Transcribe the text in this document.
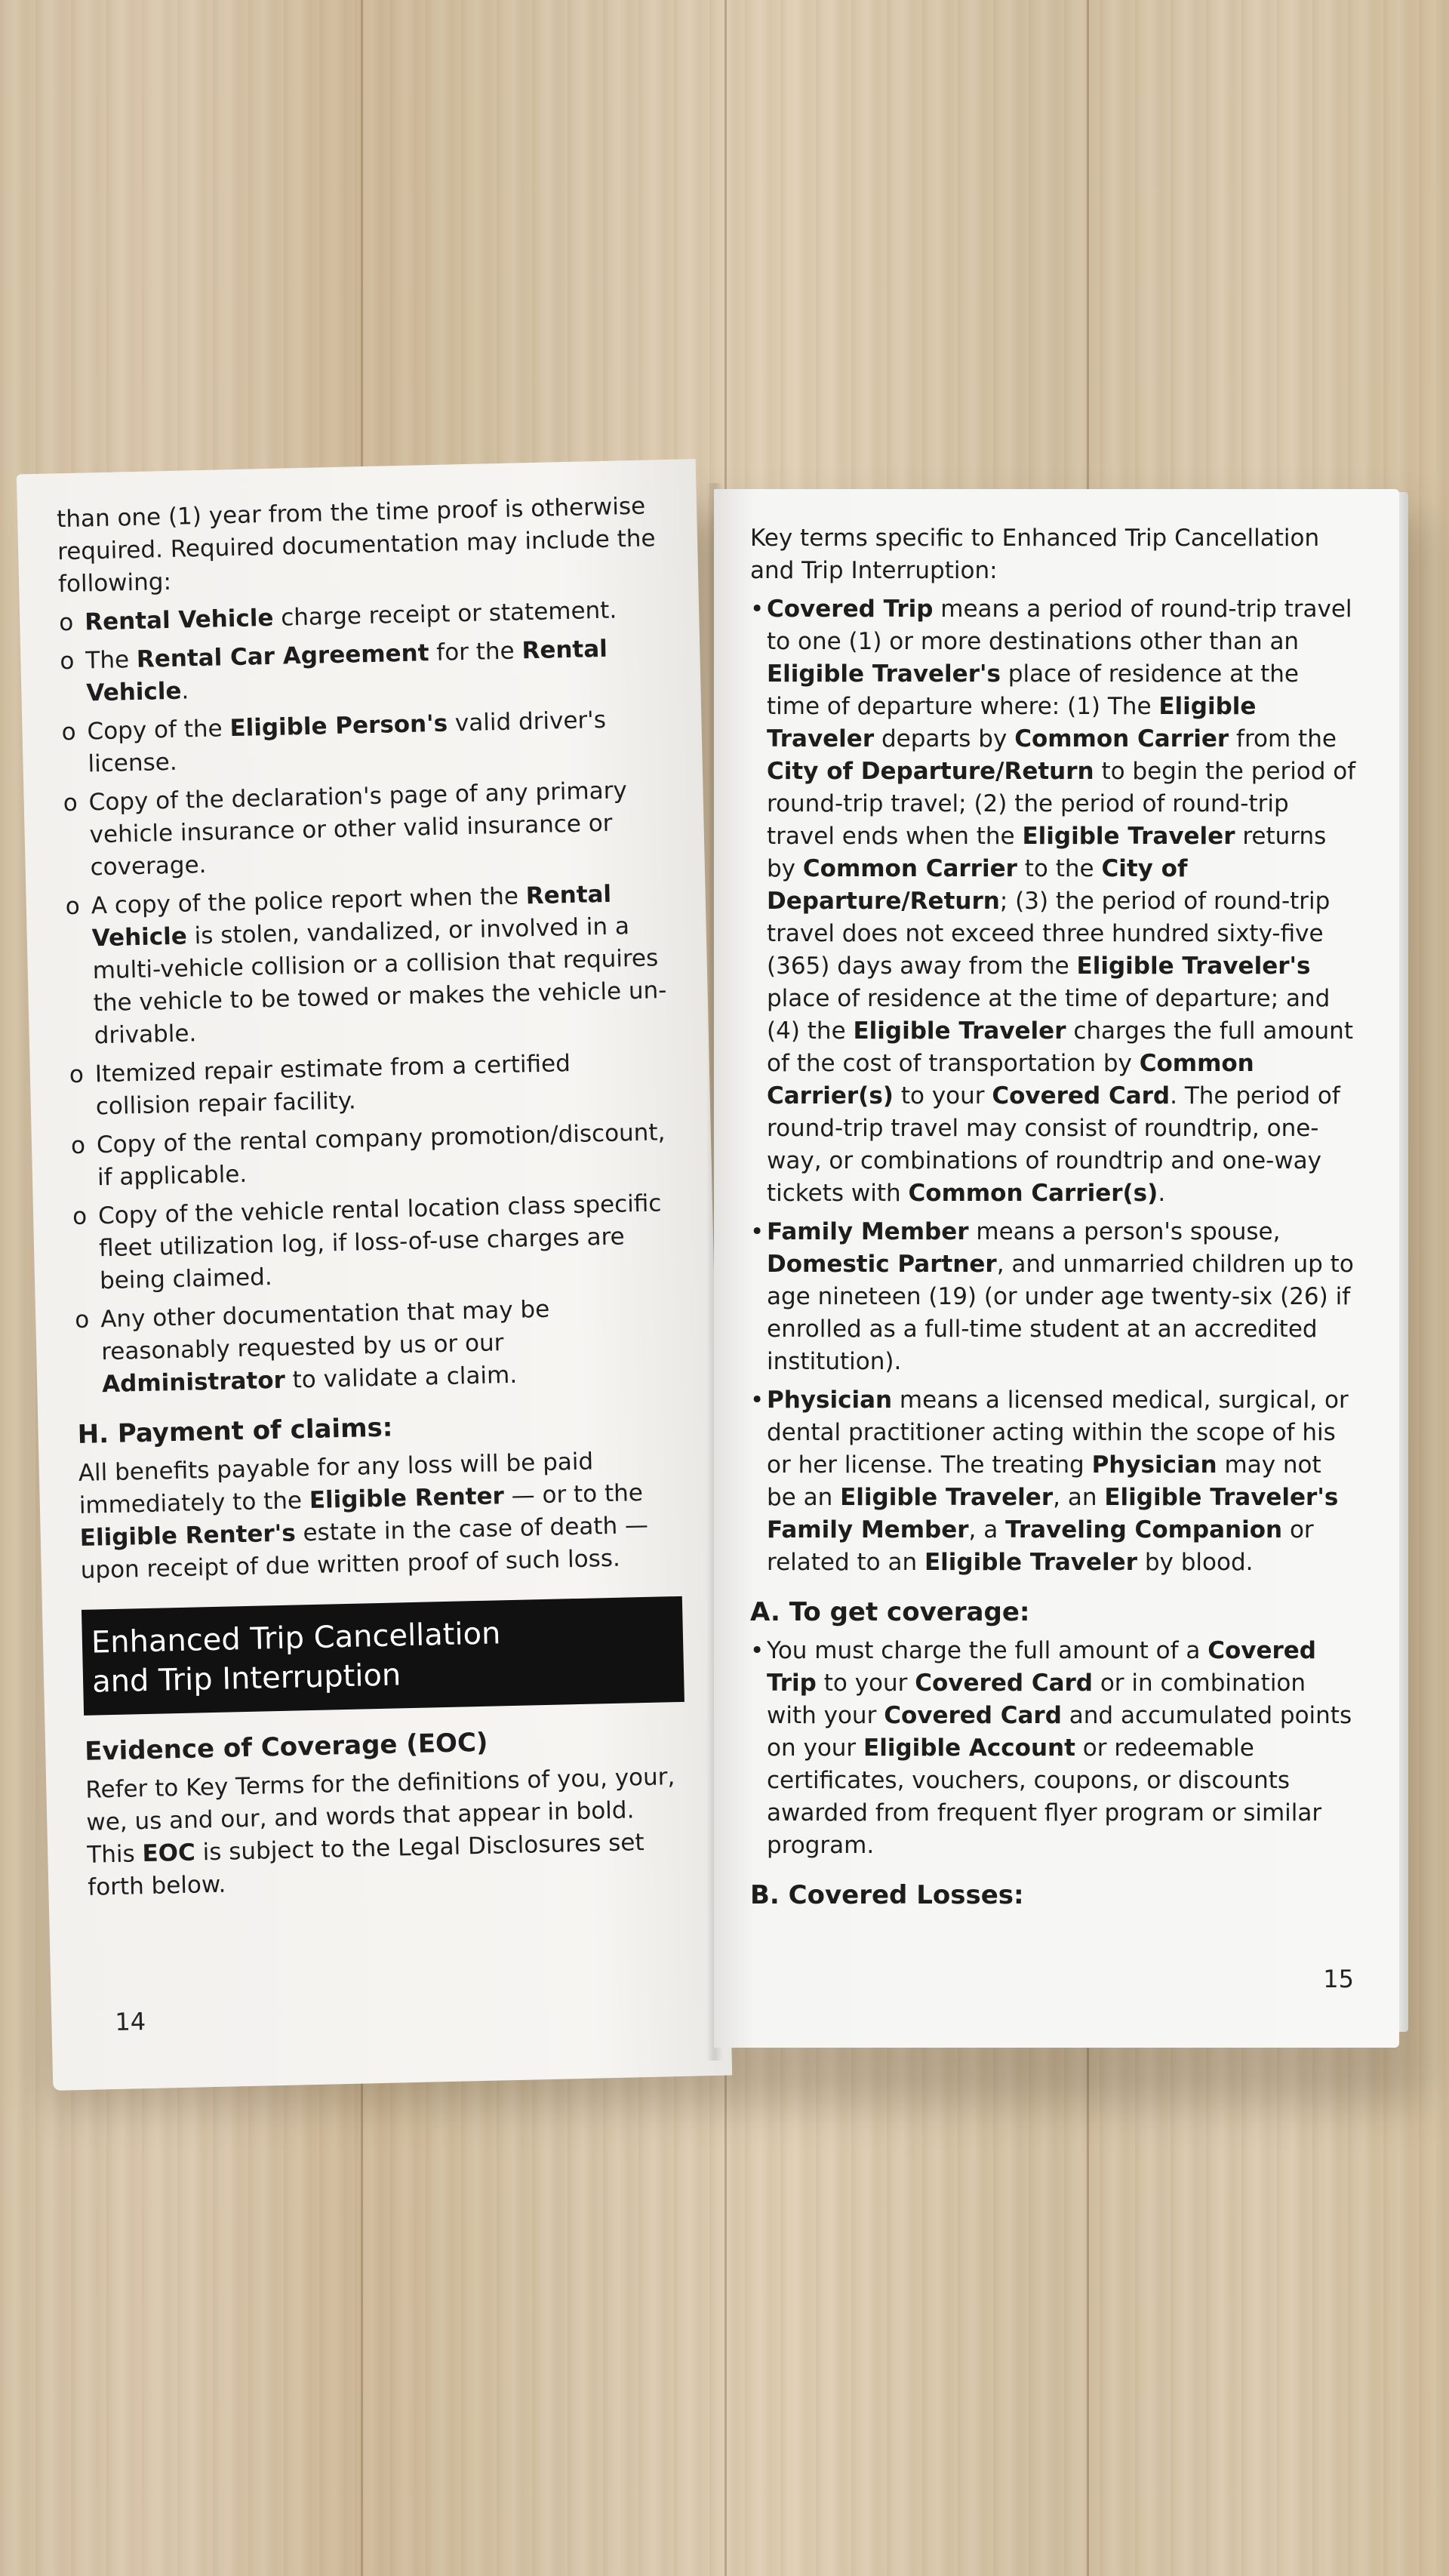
than one (1) year from the time proof is otherwise required. Required documentation may include the following:

o Rental Vehicle charge receipt or statement.
o The Rental Car Agreement for the Rental Vehicle.
o Copy of the Eligible Person's valid driver's license.
o Copy of the declaration's page of any primary vehicle insurance or other valid insurance or coverage.
o A copy of the police report when the Rental Vehicle is stolen, vandalized, or involved in a multi-vehicle collision or a collision that requires the vehicle to be towed or makes the vehicle un-drivable.
o Itemized repair estimate from a certified collision repair facility.
o Copy of the rental company promotion/discount, if applicable.
o Copy of the vehicle rental location class specific fleet utilization log, if loss-of-use charges are being claimed.
o Any other documentation that may be reasonably requested by us or our Administrator to validate a claim.
H. Payment of claims:

All benefits payable for any loss will be paid immediately to the Eligible Renter — or to the Eligible Renter's estate in the case of death — upon receipt of due written proof of such loss.

Enhanced Trip Cancellation
and Trip Interruption
Evidence of Coverage (EOC)

Refer to Key Terms for the definitions of you, your, we, us and our, and words that appear in bold. This EOC is subject to the Legal Disclosures set forth below.

14

Key terms specific to Enhanced Trip Cancellation and Trip Interruption:

• Covered Trip means a period of round-trip travel to one (1) or more destinations other than an Eligible Traveler's place of residence at the time of departure where: (1) The Eligible Traveler departs by Common Carrier from the City of Departure/Return to begin the period of round-trip travel; (2) the period of round-trip travel ends when the Eligible Traveler returns by Common Carrier to the City of Departure/Return; (3) the period of round-trip travel does not exceed three hundred sixty-five (365) days away from the Eligible Traveler's place of residence at the time of departure; and (4) the Eligible Traveler charges the full amount of the cost of transportation by Common Carrier(s) to your Covered Card. The period of round-trip travel may consist of roundtrip, one-way, or combinations of roundtrip and one-way tickets with Common Carrier(s).
• Family Member means a person's spouse, Domestic Partner, and unmarried children up to age nineteen (19) (or under age twenty-six (26) if enrolled as a full-time student at an accredited institution).
• Physician means a licensed medical, surgical, or dental practitioner acting within the scope of his or her license. The treating Physician may not be an Eligible Traveler, an Eligible Traveler's Family Member, a Traveling Companion or related to an Eligible Traveler by blood.
A. To get coverage:
• You must charge the full amount of a Covered Trip to your Covered Card or in combination with your Covered Card and accumulated points on your Eligible Account or redeemable certificates, vouchers, coupons, or discounts awarded from frequent flyer program or similar program.
B. Covered Losses:
15
